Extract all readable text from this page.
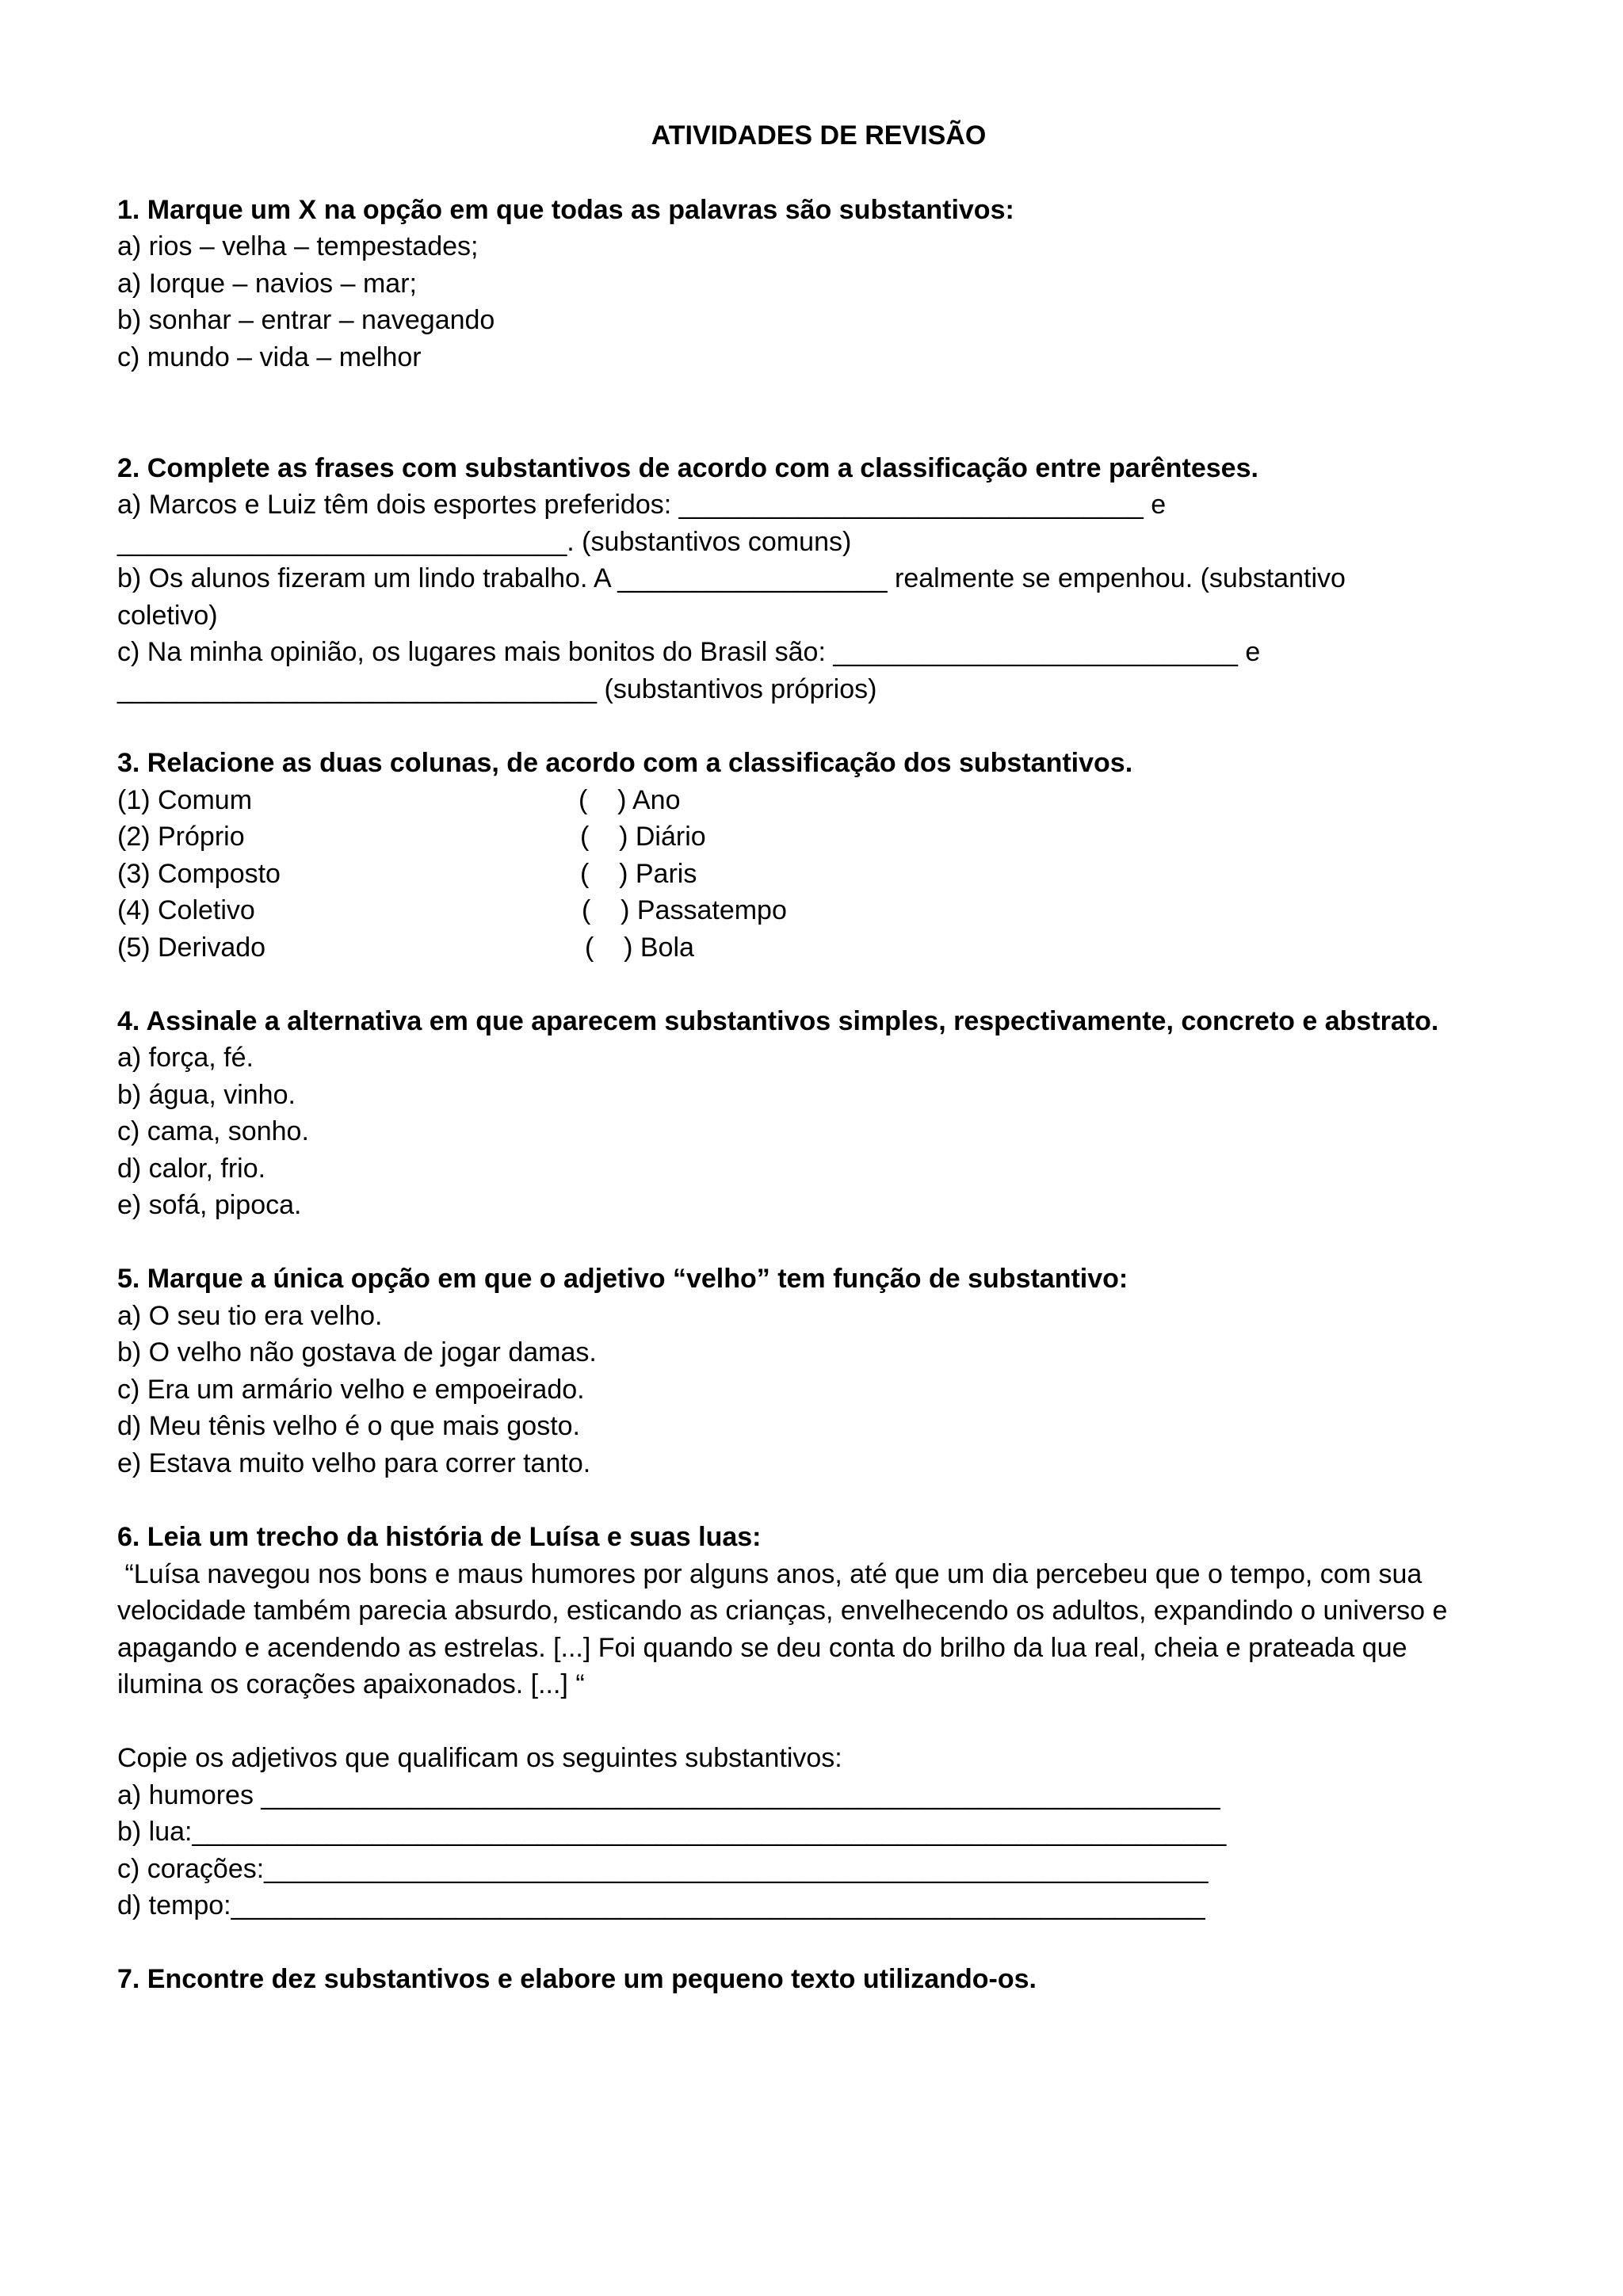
ATIVIDADES DE REVISÃO
1. Marque um X na opção em que todas as palavras são substantivos:
a) rios – velha – tempestades;
a) Iorque – navios – mar;
b) sonhar – entrar – navegando
c) mundo – vida – melhor
2. Complete as frases com substantivos de acordo com a classificação entre parênteses.
a) Marcos e Luiz têm dois esportes preferidos: _______________________________ e
______________________________. (substantivos comuns)
b) Os alunos fizeram um lindo trabalho. A __________________ realmente se empenhou. (substantivo
coletivo)
c) Na minha opinião, os lugares mais bonitos do Brasil são: ___________________________ e
________________________________ (substantivos próprios)
3. Relacione as duas colunas, de acordo com a classificação dos substantivos.
(1) Comum
(2) Próprio
(3) Composto
(4) Coletivo
(5) Derivado
(    ) Ano
(    ) Diário
(    ) Paris
(    ) Passatempo
(    ) Bola
4. Assinale a alternativa em que aparecem substantivos simples, respectivamente, concreto e abstrato.
a) força, fé.
b) água, vinho.
c) cama, sonho.
d) calor, frio.
e) sofá, pipoca.
5. Marque a única opção em que o adjetivo “velho” tem função de substantivo:
a) O seu tio era velho.
b) O velho não gostava de jogar damas.
c) Era um armário velho e empoeirado.
d) Meu tênis velho é o que mais gosto.
e) Estava muito velho para correr tanto.
6. Leia um trecho da história de Luísa e suas luas:
“Luísa navegou nos bons e maus humores por alguns anos, até que um dia percebeu que o tempo, com sua
velocidade também parecia absurdo, esticando as crianças, envelhecendo os adultos, expandindo o universo e
apagando e acendendo as estrelas. [...] Foi quando se deu conta do brilho da lua real, cheia e prateada que
ilumina os corações apaixonados. [...] “
Copie os adjetivos que qualificam os seguintes substantivos:
a) humores ________________________________________________________________
b) lua:_____________________________________________________________________
c) corações:_______________________________________________________________
d) tempo:_________________________________________________________________
7. Encontre dez substantivos e elabore um pequeno texto utilizando-os.
